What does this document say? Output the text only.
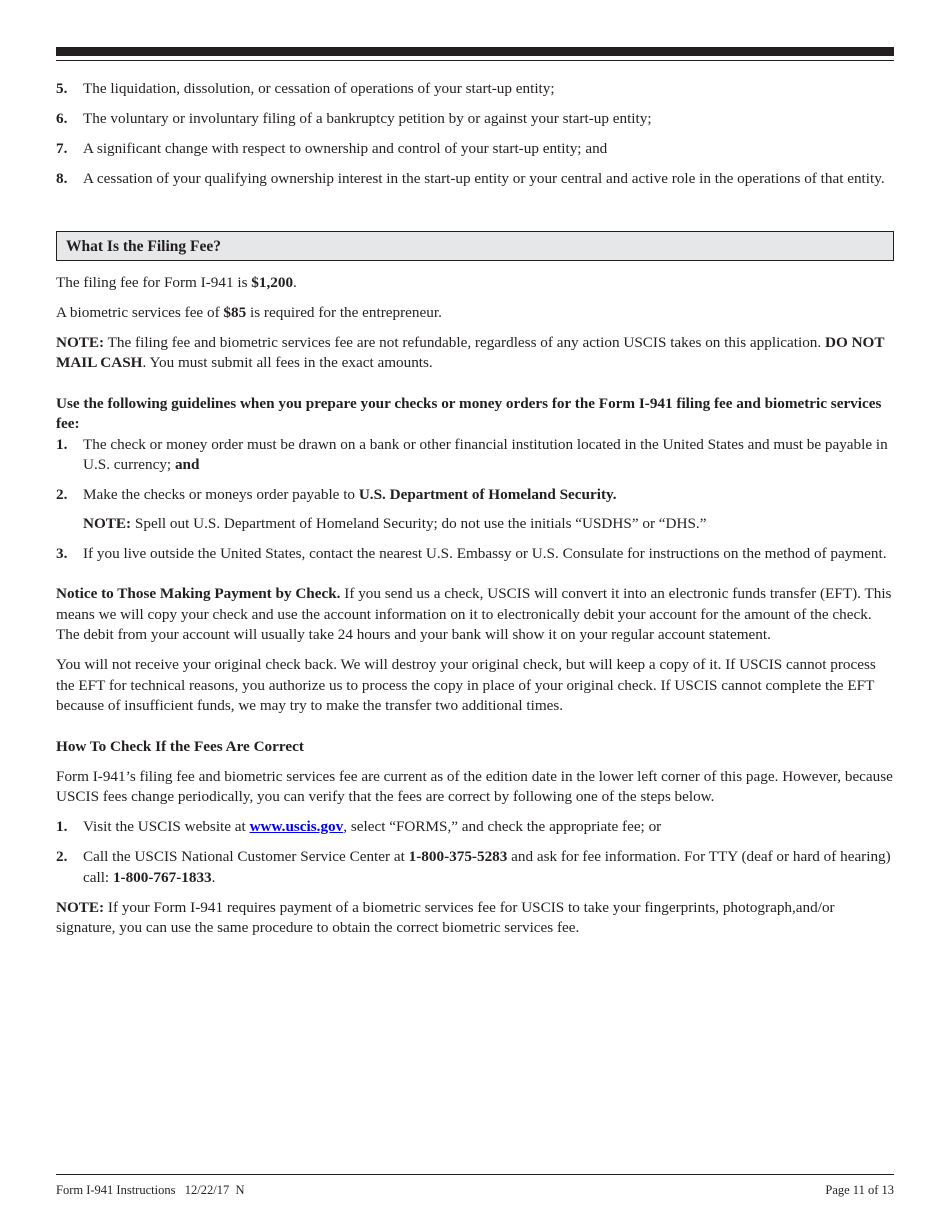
5.	The liquidation, dissolution, or cessation of operations of your start-up entity;
6.	The voluntary or involuntary filing of a bankruptcy petition by or against your start-up entity;
7.	A significant change with respect to ownership and control of your start-up entity; and
8.	A cessation of your qualifying ownership interest in the start-up entity or your central and active role in the operations of that entity.
What Is the Filing Fee?

The filing fee for Form I-941 is $1,200.

A biometric services fee of $85 is required for the entrepreneur.

NOTE: The filing fee and biometric services fee are not refundable, regardless of any action USCIS takes on this application. DO NOT MAIL CASH. You must submit all fees in the exact amounts.

Use the following guidelines when you prepare your checks or money orders for the Form I-941 filing fee and biometric services fee:

1.	The check or money order must be drawn on a bank or other financial institution located in the United States and must be payable in U.S. currency; and
2.	Make the checks or moneys order payable to U.S. Department of Homeland Security.

NOTE: Spell out U.S. Department of Homeland Security; do not use the initials “USDHS” or “DHS.”

3.	If you live outside the United States, contact the nearest U.S. Embassy or U.S. Consulate for instructions on the method of payment.

Notice to Those Making Payment by Check. If you send us a check, USCIS will convert it into an electronic funds transfer (EFT). This means we will copy your check and use the account information on it to electronically debit your account for the amount of the check. The debit from your account will usually take 24 hours and your bank will show it on your regular account statement.

You will not receive your original check back. We will destroy your original check, but will keep a copy of it. If USCIS cannot process the EFT for technical reasons, you authorize us to process the copy in place of your original check. If USCIS cannot complete the EFT because of insufficient funds, we may try to make the transfer two additional times.

How To Check If the Fees Are Correct

Form I-941’s filing fee and biometric services fee are current as of the edition date in the lower left corner of this page. However, because USCIS fees change periodically, you can verify that the fees are correct by following one of the steps below.

1.	Visit the USCIS website at www.uscis.gov, select “FORMS,” and check the appropriate fee; or
2.	Call the USCIS National Customer Service Center at 1-800-375-5283 and ask for fee information. For TTY (deaf or hard of hearing) call: 1-800-767-1833.

NOTE: If your Form I-941 requires payment of a biometric services fee for USCIS to take your fingerprints, photograph,and/or signature, you can use the same procedure to obtain the correct biometric services fee.

Form I-941 Instructions   12/22/17  N	Page 11 of 13
